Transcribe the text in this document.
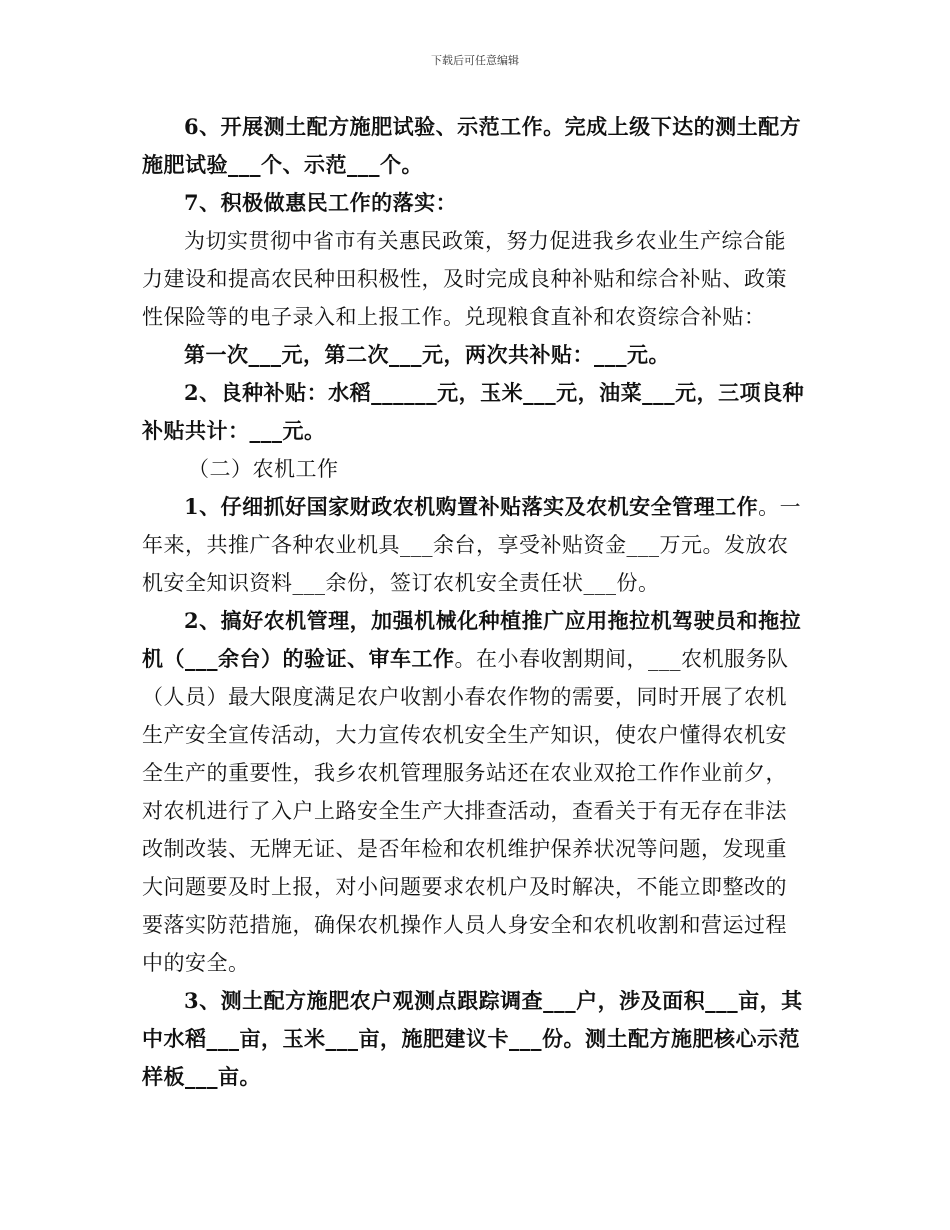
下载后可任意编辑

6、开展测土配方施肥试验、示范工作。完成上级下达的测土配方

施肥试验___个、示范___个。

7、积极做惠民工作的落实：

为切实贯彻中省市有关惠民政策，努力促进我乡农业生产综合能

力建设和提高农民种田积极性，及时完成良种补贴和综合补贴、政策

性保险等的电子录入和上报工作。兑现粮食直补和农资综合补贴：

第一次___元，第二次___元，两次共补贴：___元。

2、良种补贴：水稻______元，玉米___元，油菜___元，三项良种

补贴共计：___元。

（二）农机工作

1、仔细抓好国家财政农机购置补贴落实及农机安全管理工作。一

年来，共推广各种农业机具___余台，享受补贴资金___万元。发放农

机安全知识资料___余份，签订农机安全责任状___份。

2、搞好农机管理，加强机械化种植推广应用拖拉机驾驶员和拖拉

机（___余台）的验证、审车工作。在小春收割期间，___农机服务队

（人员）最大限度满足农户收割小春农作物的需要，同时开展了农机

生产安全宣传活动，大力宣传农机安全生产知识，使农户懂得农机安

全生产的重要性，我乡农机管理服务站还在农业双抢工作作业前夕，

对农机进行了入户上路安全生产大排查活动，查看关于有无存在非法

改制改装、无牌无证、是否年检和农机维护保养状况等问题，发现重

大问题要及时上报，对小问题要求农机户及时解决，不能立即整改的

要落实防范措施，确保农机操作人员人身安全和农机收割和营运过程

中的安全。

3、测土配方施肥农户观测点跟踪调查___户，涉及面积___亩，其

中水稻___亩，玉米___亩，施肥建议卡___份。测土配方施肥核心示范

样板___亩。
